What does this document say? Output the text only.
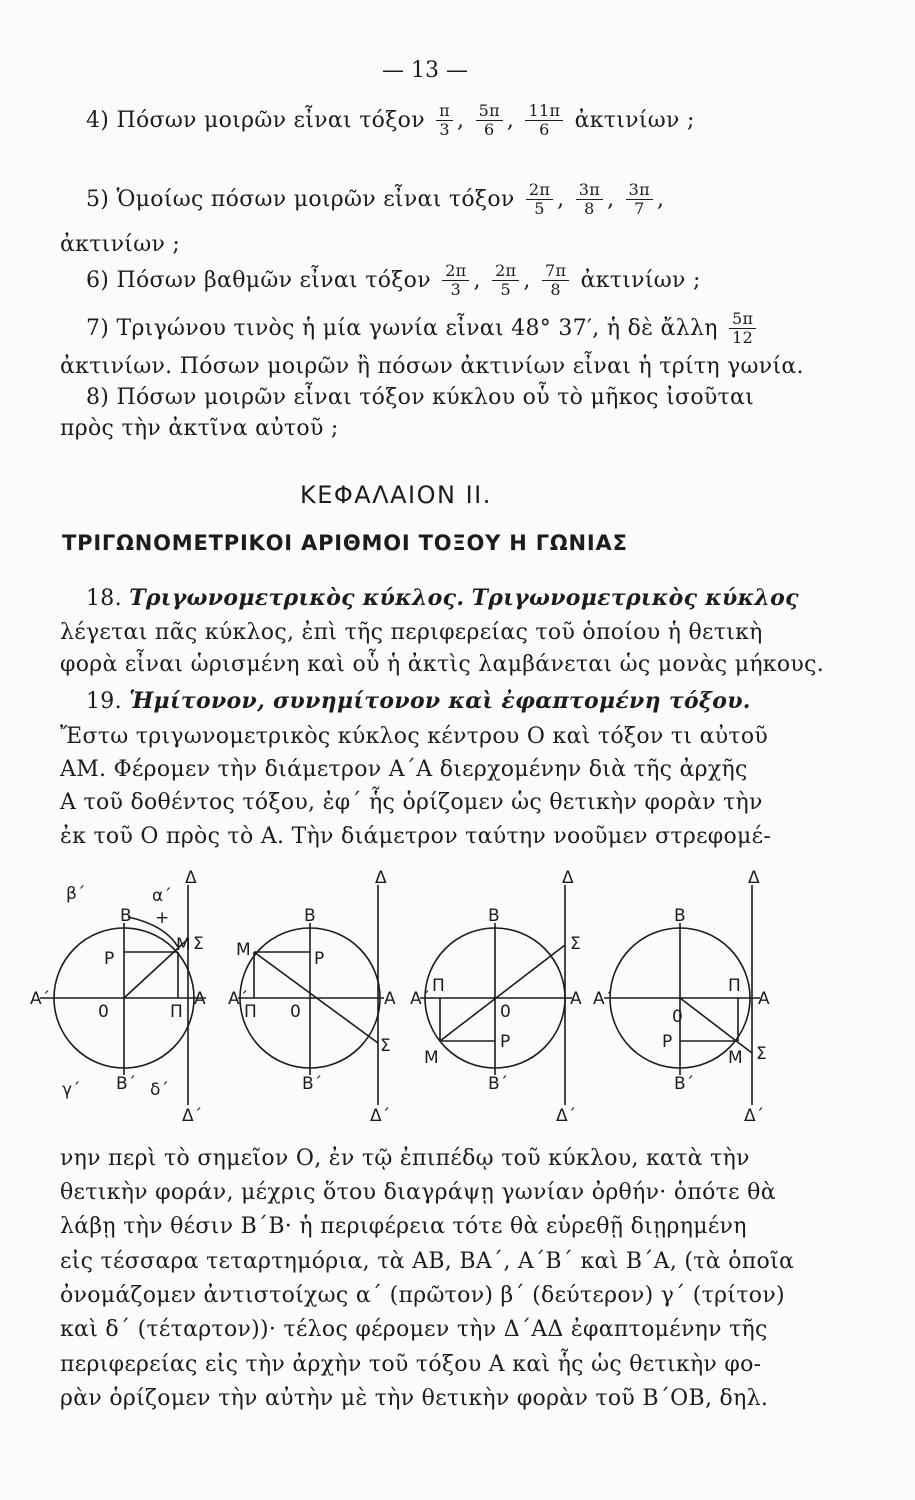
— 13 —
4) Πόσων μοιρῶν εἶναι τόξον $\frac{\pi}{3}$ , $\frac{5\pi}{6}$ , $\frac{11\pi}{6}$ ἀκτινίων ;
5) Ὁμοίως πόσων μοιρῶν εἶναι τόξον $\frac{2\pi}{5}$ , $\frac{3\pi}{8}$ , $\frac{3\pi}{7}$ ,
ἀκτινίων ;
6) Πόσων βαθμῶν εἶναι τόξον $\frac{2\pi}{3}$ , $\frac{2\pi}{5}$ , $\frac{7\pi}{8}$ ἀκτινίων ;
7) Τριγώνου τινὸς ἡ μία γωνία εἶναι 48° 37′, ἡ δὲ ἄλλη $\frac{5\pi}{12}$
ἀκτινίων. Πόσων μοιρῶν ἢ πόσων ἀκτινίων εἶναι ἡ τρίτη γωνία.
8) Πόσων μοιρῶν εἶναι τόξον κύκλου οὗ τὸ μῆκος ἰσοῦται
πρὸς τὴν ἀκτῖνα αὐτοῦ ;
ΚΕΦΑΛΑΙΟΝ ΙΙ.
ΤΡΙΓΩΝΟΜΕΤΡΙΚΟΙ ΑΡΙΘΜΟΙ ΤΟΞΟΥ Η ΓΩΝΙΑΣ
18. Τριγωνομετρικὸς κύκλος. Τριγωνομετρικὸς κύκλος
λέγεται πᾶς κύκλος, ἐπὶ τῆς περιφερείας τοῦ ὁποίου ἡ θετικὴ
φορὰ εἶναι ὡρισμένη καὶ οὗ ἡ ἀκτὶς λαμβάνεται ὡς μονὰς μήκους.
19. Ἡμίτονον, συνημίτονον καὶ ἐφαπτομένη τόξου.
Ἔστω τριγωνομετρικὸς κύκλος κέντρου Ο καὶ τόξον τι αὐτοῦ
ΑΜ. Φέρομεν τὴν διάμετρον Α΄Α διερχομένην διὰ τῆς ἀρχῆς
Α τοῦ δοθέντος τόξου, ἐφ΄ ἧς ὁρίζομεν ὡς θετικὴν φορὰν τὴν
ἐκ τοῦ Ο πρὸς τὸ Α. Τὴν διάμετρον ταύτην νοοῦμεν στρεφομέ-
β΄	α΄
+
Δ
Β
Ρ
Μ Σ
Α΄
0	Π
Α
γ΄ Β΄ δ΄
Δ΄
Δ
Β
Μ	Ρ
Α΄
Π 0
Α
Σ
Β΄
Δ΄
Δ
Β
Σ
Α΄
Π
0
Α
Μ
Ρ
Β΄
Δ΄
Δ
Β
Α΄
Π
Α
0
Ρ
Μ Σ
Β΄
Δ΄
νην περὶ τὸ σημεῖον Ο, ἐν τῷ ἐπιπέδῳ τοῦ κύκλου, κατὰ τὴν
θετικὴν φοράν, μέχρις ὅτου διαγράψῃ γωνίαν ὀρθήν· ὁπότε θὰ
λάβῃ τὴν θέσιν Β΄Β· ἡ περιφέρεια τότε θὰ εὑρεθῇ διῃρημένη
εἰς τέσσαρα τεταρτημόρια, τὰ ΑΒ, ΒΑ΄, Α΄Β΄ καὶ Β΄Α, (τὰ ὁποῖα
ὀνομάζομεν ἀντιστοίχως α΄ (πρῶτον) β΄ (δεύτερον) γ΄ (τρίτον)
καὶ δ΄ (τέταρτον))· τέλος φέρομεν τὴν Δ΄ΑΔ ἐφαπτομένην τῆς
περιφερείας εἰς τὴν ἀρχὴν τοῦ τόξου Α καὶ ἧς ὡς θετικὴν φο-
ρὰν ὁρίζομεν τὴν αὐτὴν μὲ τὴν θετικὴν φορὰν τοῦ Β΄ΟΒ, δηλ.
